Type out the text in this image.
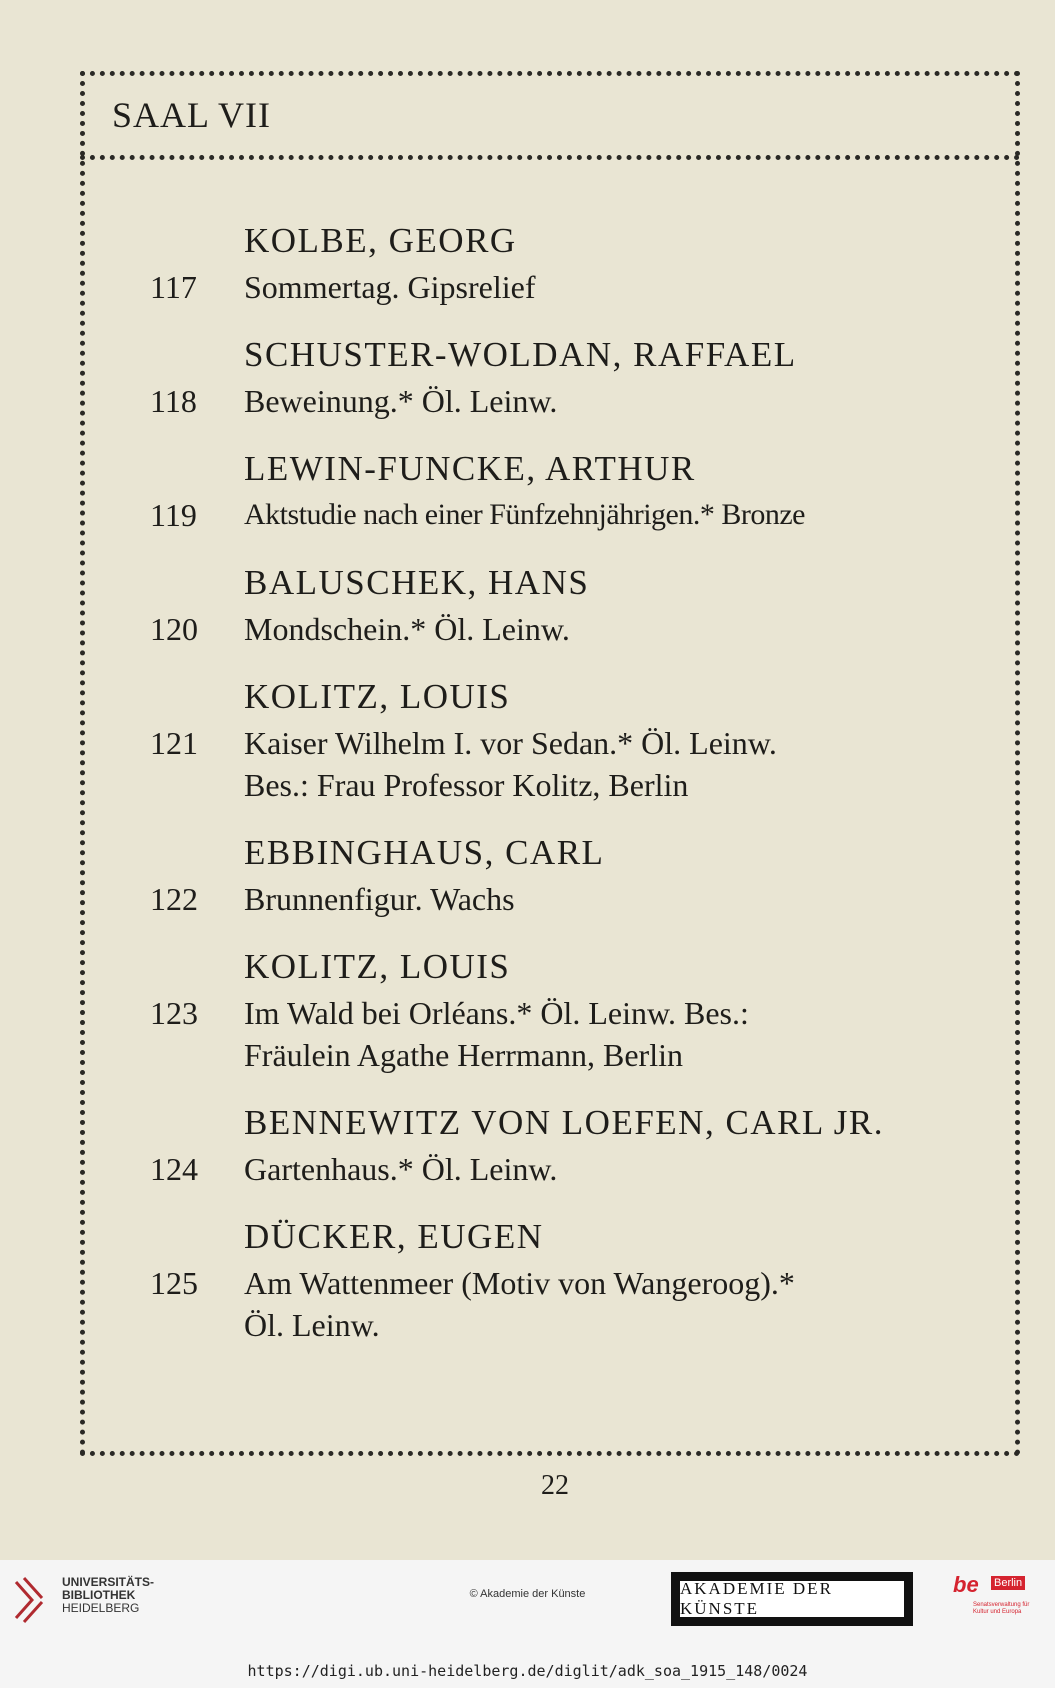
SAAL VII
KOLBE, GEORG
117	Sommertag. Gipsrelief
SCHUSTER-WOLDAN, RAFFAEL
118	Beweinung.* Öl. Leinw.
LEWIN-FUNCKE, ARTHUR
119	Aktstudie nach einer Fünfzehnjährigen.* Bronze
BALUSCHEK, HANS
120	Mondschein.* Öl. Leinw.
KOLITZ, LOUIS
121	Kaiser Wilhelm I. vor Sedan.* Öl. Leinw.
Bes.: Frau Professor Kolitz, Berlin
EBBINGHAUS, CARL
122	Brunnenfigur. Wachs
KOLITZ, LOUIS
123	Im Wald bei Orléans.* Öl. Leinw. Bes.:
Fräulein Agathe Herrmann, Berlin
BENNEWITZ VON LOEFEN, CARL JR.
124	Gartenhaus.* Öl. Leinw.
DÜCKER, EUGEN
125	Am Wattenmeer (Motiv von Wangeroog).*
Öl. Leinw.
22
UNIVERSITÄTS-
BIBLIOTHEK
HEIDELBERG
AKADEMIE DER KÜNSTE
be Berlin
Senatsverwaltung für Kultur und Europa
© Akademie der Künste
https://digi.ub.uni-heidelberg.de/diglit/adk_soa_1915_148/0024
